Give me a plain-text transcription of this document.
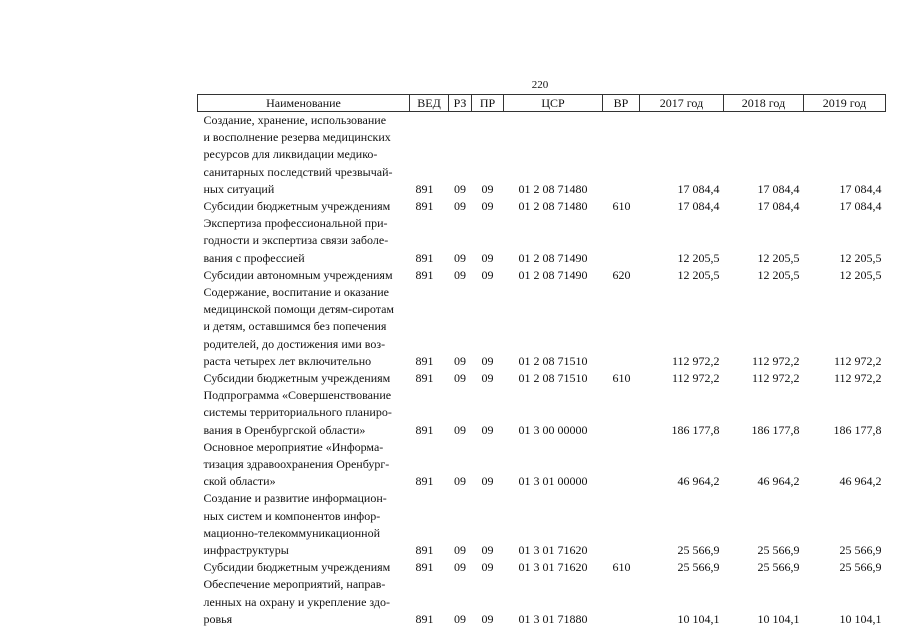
220
Наименование	ВЕД	РЗ	ПР	ЦСР	ВР	2017 год	2018 год	2019 год

Создание, хранение, использование
и восполнение резерва медицинских
ресурсов для ликвидации медико-
санитарных последствий чрезвычай-
ных ситуаций	891	09	09	01 2 08 71480		17 084,4	17 084,4	17 084,4

Субсидии бюджетным учреждениям	891	09	09	01 2 08 71480	610	17 084,4	17 084,4	17 084,4

Экспертиза профессиональной при-
годности и экспертиза связи заболе-
вания с профессией	891	09	09	01 2 08 71490		12 205,5	12 205,5	12 205,5

Субсидии автономным учреждениям	891	09	09	01 2 08 71490	620	12 205,5	12 205,5	12 205,5

Содержание, воспитание и оказание
медицинской помощи детям-сиротам
и детям, оставшимся без попечения
родителей, до достижения ими воз-
раста четырех лет включительно	891	09	09	01 2 08 71510		112 972,2	112 972,2	112 972,2

Субсидии бюджетным учреждениям	891	09	09	01 2 08 71510	610	112 972,2	112 972,2	112 972,2

Подпрограмма «Совершенствование
системы территориального планиро-
вания в Оренбургской области»	891	09	09	01 3 00 00000		186 177,8	186 177,8	186 177,8

Основное мероприятие «Информа-
тизация здравоохранения Оренбург-
ской области»	891	09	09	01 3 01 00000		46 964,2	46 964,2	46 964,2

Создание и развитие информацион-
ных систем и компонентов инфор-
мационно-телекоммуникационной
инфраструктуры	891	09	09	01 3 01 71620		25 566,9	25 566,9	25 566,9

Субсидии бюджетным учреждениям	891	09	09	01 3 01 71620	610	25 566,9	25 566,9	25 566,9

Обеспечение мероприятий, направ-
ленных на охрану и укрепление здо-
ровья	891	09	09	01 3 01 71880		10 104,1	10 104,1	10 104,1
